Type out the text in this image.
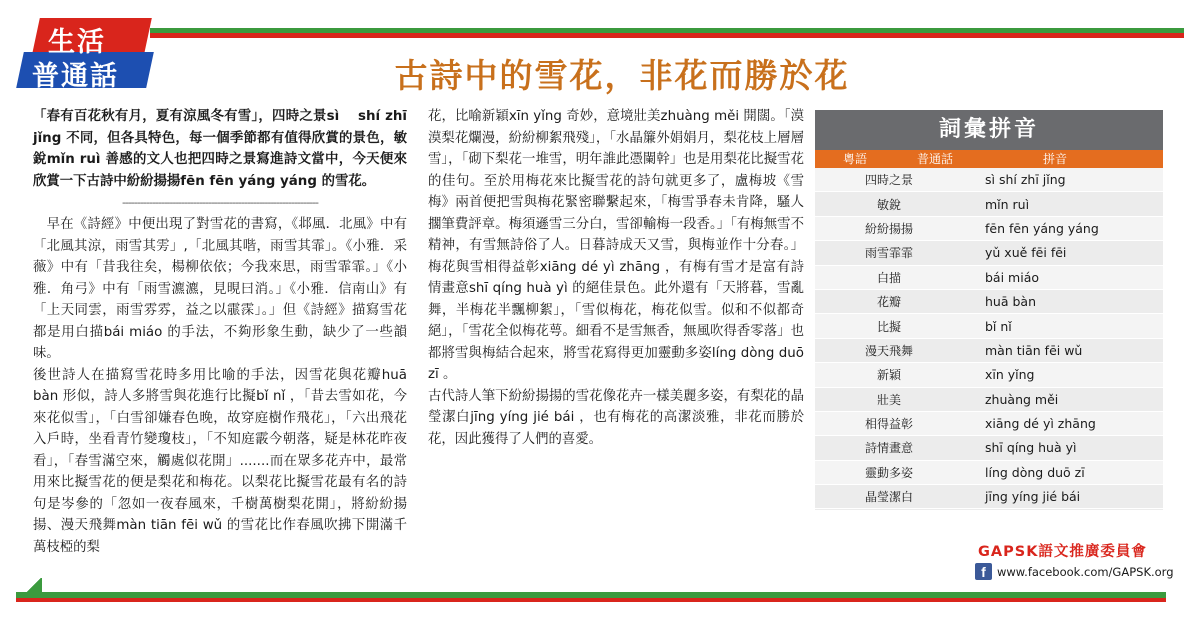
生活
普通話	古詩中的雪花，非花而勝於花

「春有百花秋有月，夏有涼風冬有雪」，四時之景sì　 shí zhī jǐng 不同，但各具特色，每一個季節都有值得欣賞的景色，敏銳mǐn ruì 善感的文人也把四時之景寫進詩文當中，今天便來欣賞一下古詩中紛紛揚揚fēn fēn yáng yáng 的雪花。

------------------------------------------------------------------

　早在《詩經》中便出現了對雪花的書寫，《邶風．北風》中有「北風其涼，雨雪其雱」,「北風其喈，雨雪其霏」。《小雅．采薇》中有「昔我往矣，楊柳依依；今我來思，雨雪霏霏。」《小雅．角弓》中有「雨雪瀌瀌，見晛曰消。」《小雅．信南山》有「上天同雲，雨雪雰雰，益之以霢霂」。」但《詩經》描寫雪花都是用白描bái miáo 的手法，不夠形象生動，缺少了一些韻味。

後世詩人在描寫雪花時多用比喻的手法，因雪花與花瓣huā bàn 形似，詩人多將雪與花進行比擬bǐ nǐ ，「昔去雪如花，今來花似雪」，「白雪卻嫌春色晚，故穿庭樹作飛花」，「六出飛花入戶時，坐看青竹變瓊枝」，「不知庭霰今朝落，疑是林花昨夜看」，「春雪滿空來，觸處似花開」.......而在眾多花卉中，最常用來比擬雪花的便是梨花和梅花。以梨花比擬雪花最有名的詩句是岑參的「忽如一夜春風來，千樹萬樹梨花開」，將紛紛揚揚、漫天飛舞màn tiān fēi wǔ 的雪花比作春風吹拂下開滿千萬枝椏的梨

花，比喻新穎xīn yǐng 奇妙，意境壯美zhuàng měi 開闊。「漠漠梨花爛漫，紛紛柳絮飛殘」，「水晶簾外娟娟月，梨花枝上層層雪」，「砌下梨花一堆雪，明年誰此憑闌幹」也是用梨花比擬雪花的佳句。至於用梅花來比擬雪花的詩句就更多了，盧梅坡《雪梅》兩首便把雪與梅花緊密聯繫起來，「梅雪爭春未肯降，騷人擱筆費評章。梅須遜雪三分白，雪卻輸梅一段香。」「有梅無雪不精神，有雪無詩俗了人。日暮詩成天又雪，與梅並作十分春。」梅花與雪相得益彰xiāng dé yì zhāng ，有梅有雪才是富有詩情畫意shī qíng huà yì 的絕佳景色。此外還有「天將暮，雪亂舞，半梅花半飄柳絮」，「雪似梅花，梅花似雪。似和不似都奇絕」，「雪花全似梅花萼。細看不是雪無香，無風吹得香零落」也都將雪與梅結合起來，將雪花寫得更加靈動多姿líng dòng duō zī 。

古代詩人筆下紛紛揚揚的雪花像花卉一樣美麗多姿，有梨花的晶瑩潔白jīng yíng jié bái ，也有梅花的高潔淡雅，非花而勝於花，因此獲得了人們的喜愛。

詞彙拼音
粵語	普通話	拼音
四時之景	sì shí zhī jǐng
敏銳	mǐn ruì
紛紛揚揚	fēn fēn yáng yáng
雨雪霏霏	yǔ xuě fēi fēi
白描	bái miáo
花瓣	huā bàn
比擬	bǐ nǐ
漫天飛舞	màn tiān fēi wǔ
新穎	xīn yǐng
壯美	zhuàng měi
相得益彰	xiāng dé yì zhāng
詩情畫意	shī qíng huà yì
靈動多姿	líng dòng duō zī
晶瑩潔白	jīng yíng jié bái
GAPSK語文推廣委員會
f www.facebook.com/GAPSK.org
